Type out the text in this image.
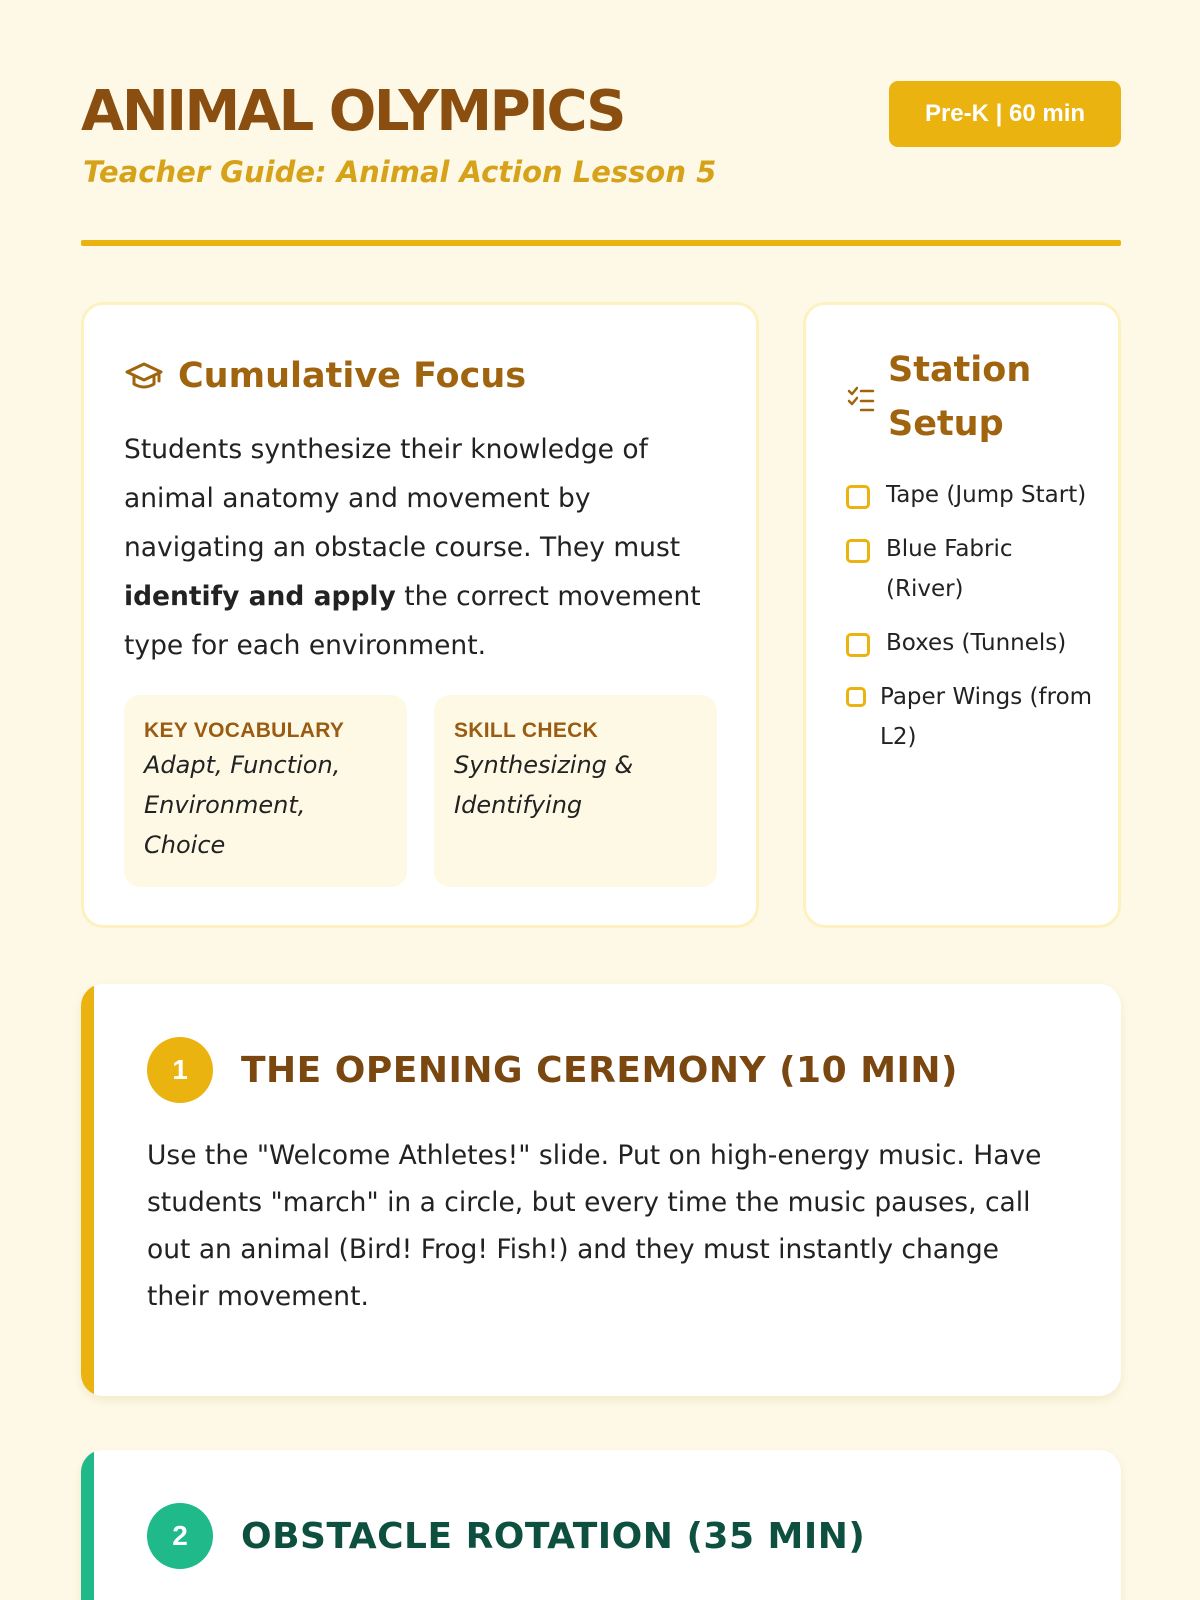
ANIMAL OLYMPICS
Teacher Guide: Animal Action Lesson 5
Pre-K | 60 min
Cumulative Focus

Students synthesize their knowledge of animal anatomy and movement by navigating an obstacle course. They must identify and apply the correct movement type for each environment.

KEY VOCABULARY
Adapt, Function, Environment, Choice
SKILL CHECK
Synthesizing & Identifying
Station Setup
Tape (Jump Start)
Blue Fabric (River)
Boxes (Tunnels)
Paper Wings (from L2)
1	THE OPENING CEREMONY (10 MIN)

Use the "Welcome Athletes!" slide. Put on high-energy music. Have students "march" in a circle, but every time the music pauses, call out an animal (Bird! Frog! Fish!) and they must instantly change their movement.

2	OBSTACLE ROTATION (35 MIN)
